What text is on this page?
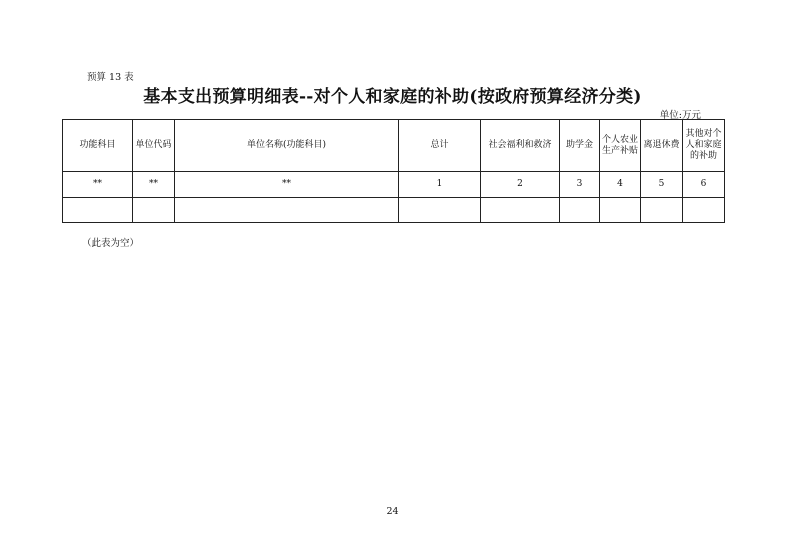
预算 13 表
基本支出预算明细表--对个人和家庭的补助(按政府预算经济分类)
单位:万元
功能科目	单位代码	单位名称(功能科目)	总计	社会福利和救济	助学金	个人农业生产补贴	离退休费	其他对个人和家庭的补助
**	**	**	1	2	3	4	5	6

（此表为空）
24
